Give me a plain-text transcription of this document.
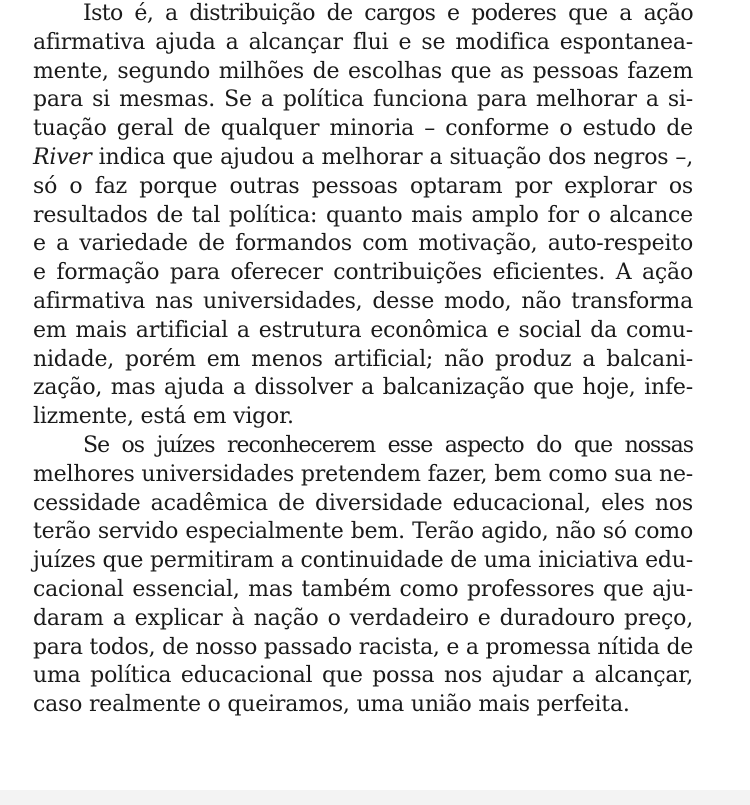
Isto é, a distribuição de cargos e poderes que a ação
afirmativa ajuda a alcançar flui e se modifica espontanea-
mente, segundo milhões de escolhas que as pessoas fazem
para si mesmas. Se a política funciona para melhorar a si-
tuação geral de qualquer minoria – conforme o estudo de
River indica que ajudou a melhorar a situação dos negros –,
só o faz porque outras pessoas optaram por explorar os
resultados de tal política: quanto mais amplo for o alcance
e a variedade de formandos com motivação, auto-respeito
e formação para oferecer contribuições eficientes. A ação
afirmativa nas universidades, desse modo, não transforma
em mais artificial a estrutura econômica e social da comu-
nidade, porém em menos artificial; não produz a balcani-
zação, mas ajuda a dissolver a balcanização que hoje, infe-
lizmente, está em vigor.
Se os juízes reconhecerem esse aspecto do que nossas
melhores universidades pretendem fazer, bem como sua ne-
cessidade acadêmica de diversidade educacional, eles nos
terão servido especialmente bem. Terão agido, não só como
juízes que permitiram a continuidade de uma iniciativa edu-
cacional essencial, mas também como professores que aju-
daram a explicar à nação o verdadeiro e duradouro preço,
para todos, de nosso passado racista, e a promessa nítida de
uma política educacional que possa nos ajudar a alcançar,
caso realmente o queiramos, uma união mais perfeita.
